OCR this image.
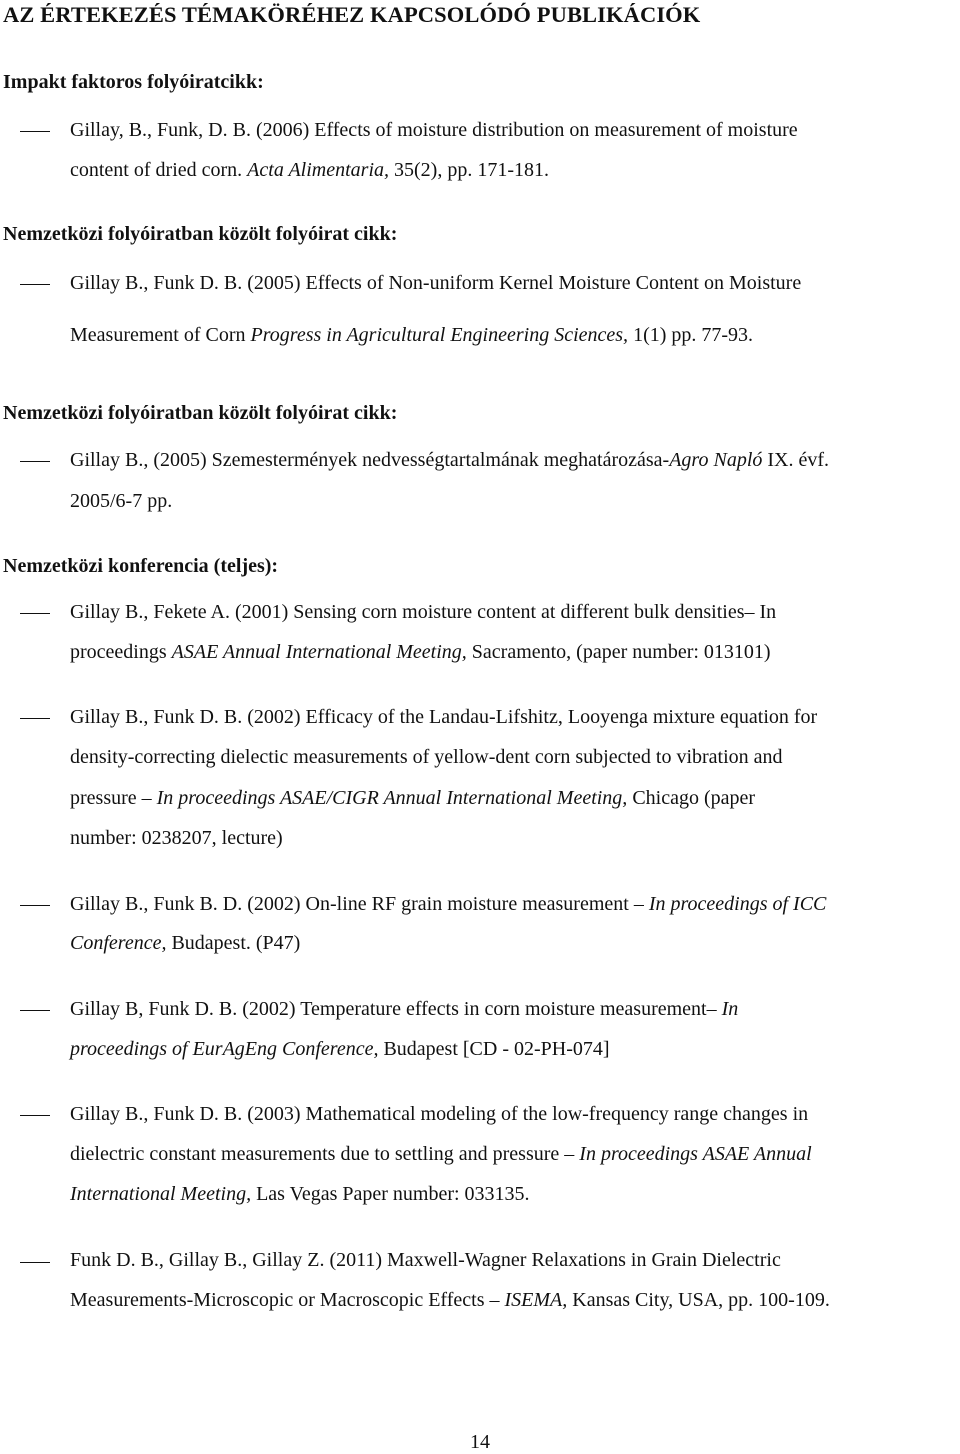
AZ ÉRTEKEZÉS TÉMAKÖRÉHEZ KAPCSOLÓDÓ PUBLIKÁCIÓK
Impakt faktoros folyóiratcikk:
Gillay, B., Funk, D. B. (2006) Effects of moisture distribution on measurement of moisture
content of dried corn. Acta Alimentaria, 35(2), pp. 171-181.
Nemzetközi folyóiratban közölt folyóirat cikk:
Gillay B., Funk D. B. (2005) Effects of Non-uniform Kernel Moisture Content on Moisture
Measurement of Corn Progress in Agricultural Engineering Sciences, 1(1) pp. 77-93.
Nemzetközi folyóiratban közölt folyóirat cikk:
Gillay B., (2005) Szemestermények nedvességtartalmának meghatározása-Agro Napló IX. évf.
2005/6-7 pp.
Nemzetközi konferencia (teljes):
Gillay B., Fekete A. (2001) Sensing corn moisture content at different bulk densities– In
proceedings ASAE Annual International Meeting, Sacramento, (paper number: 013101)
Gillay B., Funk D. B. (2002) Efficacy of the Landau-Lifshitz, Looyenga mixture equation for
density-correcting dielectic measurements of yellow-dent corn subjected to vibration and
pressure – In proceedings ASAE/CIGR Annual International Meeting, Chicago (paper
number: 0238207, lecture)
Gillay B., Funk B. D. (2002) On-line RF grain moisture measurement – In proceedings of ICC
Conference, Budapest. (P47)
Gillay B, Funk D. B. (2002) Temperature effects in corn moisture measurement– In
proceedings of EurAgEng Conference, Budapest [CD - 02-PH-074]
Gillay B., Funk D. B. (2003) Mathematical modeling of the low-frequency range changes in
dielectric constant measurements due to settling and pressure – In proceedings ASAE Annual
International Meeting, Las Vegas Paper number: 033135.
Funk D. B., Gillay B., Gillay Z. (2011) Maxwell-Wagner Relaxations in Grain Dielectric
Measurements-Microscopic or Macroscopic Effects – ISEMA, Kansas City, USA, pp. 100-109.
14
